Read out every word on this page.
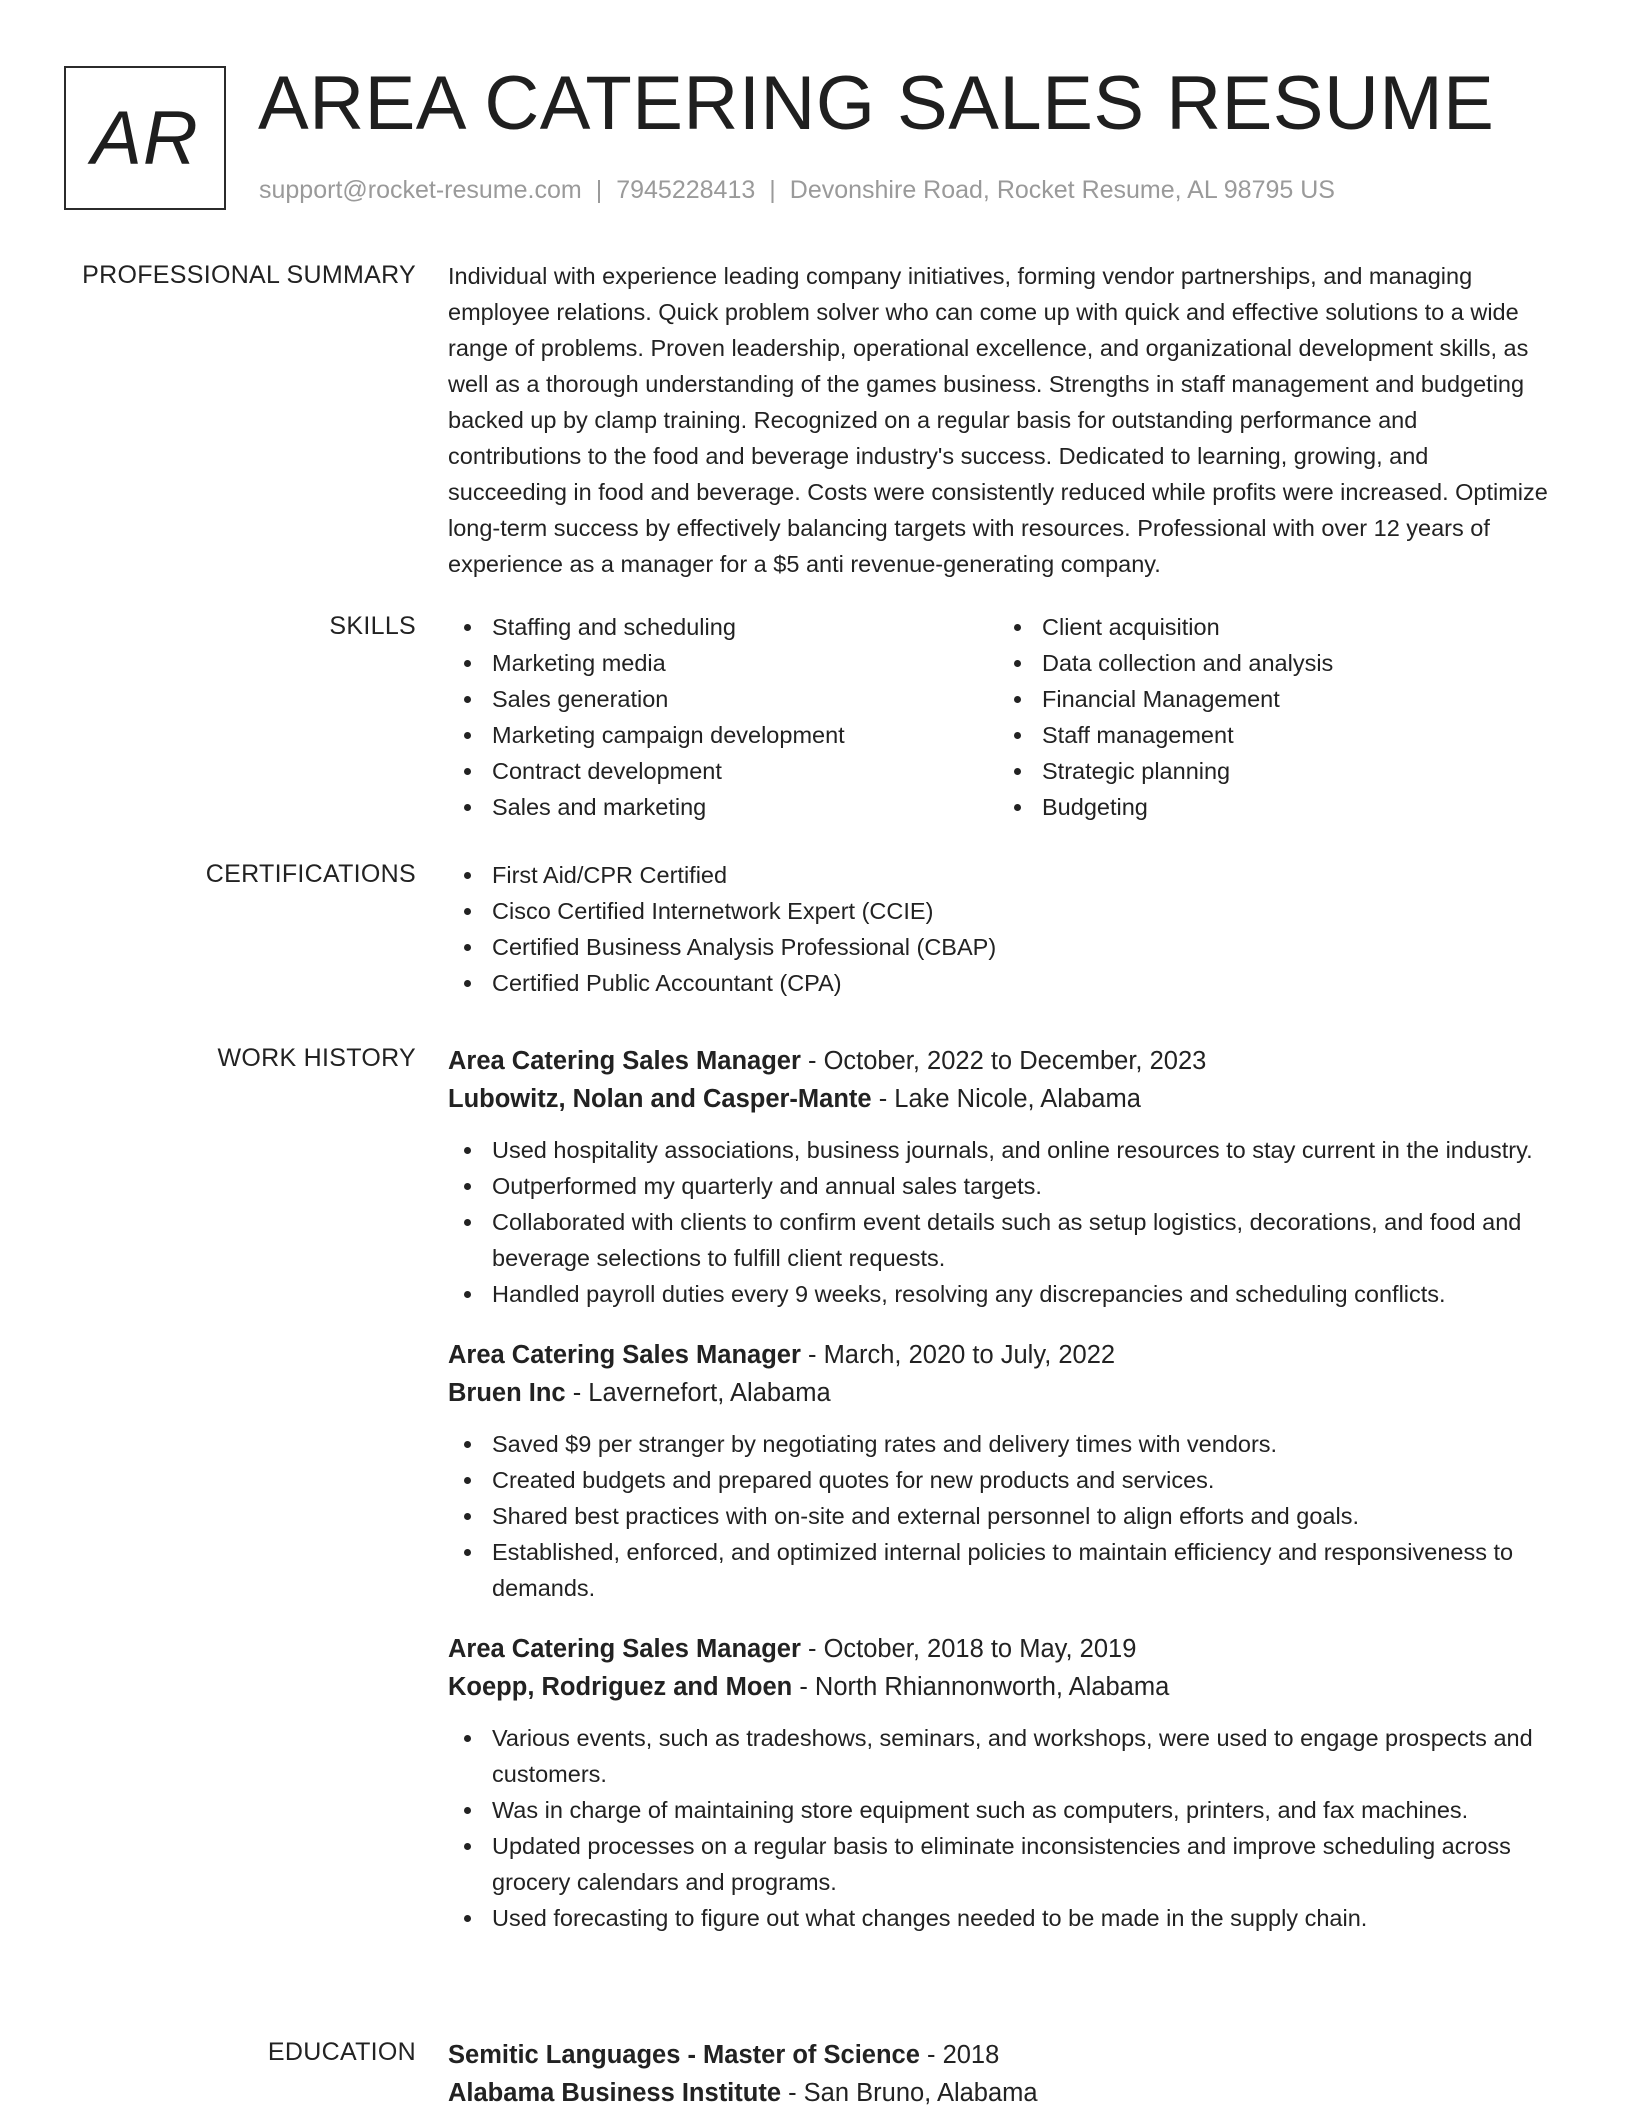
AR AREA CATERING SALES RESUME
support@rocket-resume.com | 7945228413 | Devonshire Road, Rocket Resume, AL 98795 US
PROFESSIONAL SUMMARY Individual with experience leading company initiatives, forming vendor partnerships, and managing employee relations. Quick problem solver who can come up with quick and effective solutions to a wide range of problems. Proven leadership, operational excellence, and organizational development skills, as well as a thorough understanding of the games business. Strengths in staff management and budgeting backed up by clamp training. Recognized on a regular basis for outstanding performance and contributions to the food and beverage industry's success. Dedicated to learning, growing, and succeeding in food and beverage. Costs were consistently reduced while profits were increased. Optimize long-term success by effectively balancing targets with resources. Professional with over 12 years of experience as a manager for a $5 anti revenue-generating company.
SKILLS	Staffing and scheduling
Marketing media
Sales generation
Marketing campaign development
Contract development
Sales and marketing
Client acquisition
Data collection and analysis
Financial Management
Staff management
Strategic planning
Budgeting
CERTIFICATIONS	First Aid/CPR Certified
Cisco Certified Internetwork Expert (CCIE)
Certified Business Analysis Professional (CBAP)
Certified Public Accountant (CPA)
WORK HISTORY Area Catering Sales Manager - October, 2022 to December, 2023
Lubowitz, Nolan and Casper-Mante - Lake Nicole, Alabama
Used hospitality associations, business journals, and online resources to stay current in the industry.
Outperformed my quarterly and annual sales targets.
Collaborated with clients to confirm event details such as setup logistics, decorations, and food and beverage selections to fulfill client requests.
Handled payroll duties every 9 weeks, resolving any discrepancies and scheduling conflicts.
Area Catering Sales Manager - March, 2020 to July, 2022
Bruen Inc - Lavernefort, Alabama
Saved $9 per stranger by negotiating rates and delivery times with vendors.
Created budgets and prepared quotes for new products and services.
Shared best practices with on-site and external personnel to align efforts and goals.
Established, enforced, and optimized internal policies to maintain efficiency and responsiveness to demands.
Area Catering Sales Manager - October, 2018 to May, 2019
Koepp, Rodriguez and Moen - North Rhiannonworth, Alabama
Various events, such as tradeshows, seminars, and workshops, were used to engage prospects and customers.
Was in charge of maintaining store equipment such as computers, printers, and fax machines.
Updated processes on a regular basis to eliminate inconsistencies and improve scheduling across grocery calendars and programs.
Used forecasting to figure out what changes needed to be made in the supply chain.
EDUCATION Semitic Languages - Master of Science - 2018
Alabama Business Institute - San Bruno, Alabama
